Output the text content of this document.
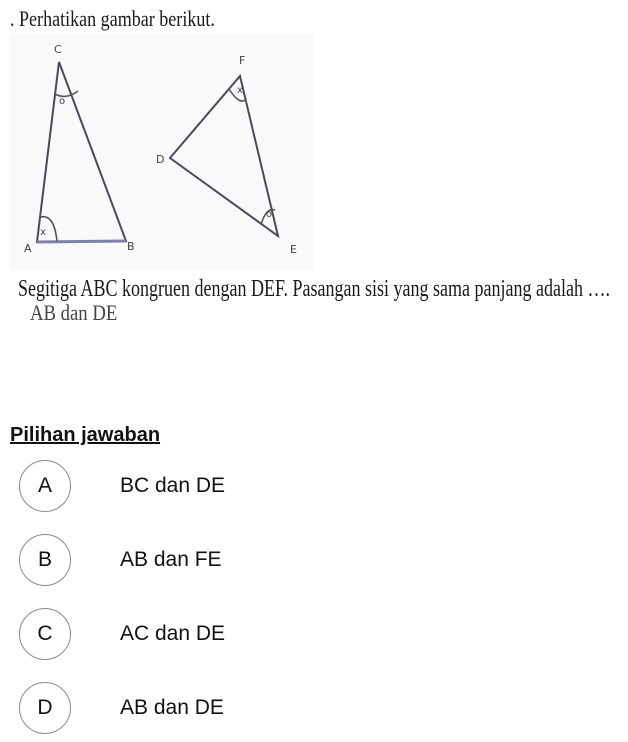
. Perhatikan gambar berikut.
C
A	B
F
D
E
o
x
x
o
Segitiga ABC kongruen dengan DEF. Pasangan sisi yang sama panjang adalah ….
AB dan DE
Pilihan jawaban
A	BC dan DE
B	AB dan FE
C	AC dan DE
D	AB dan DE
